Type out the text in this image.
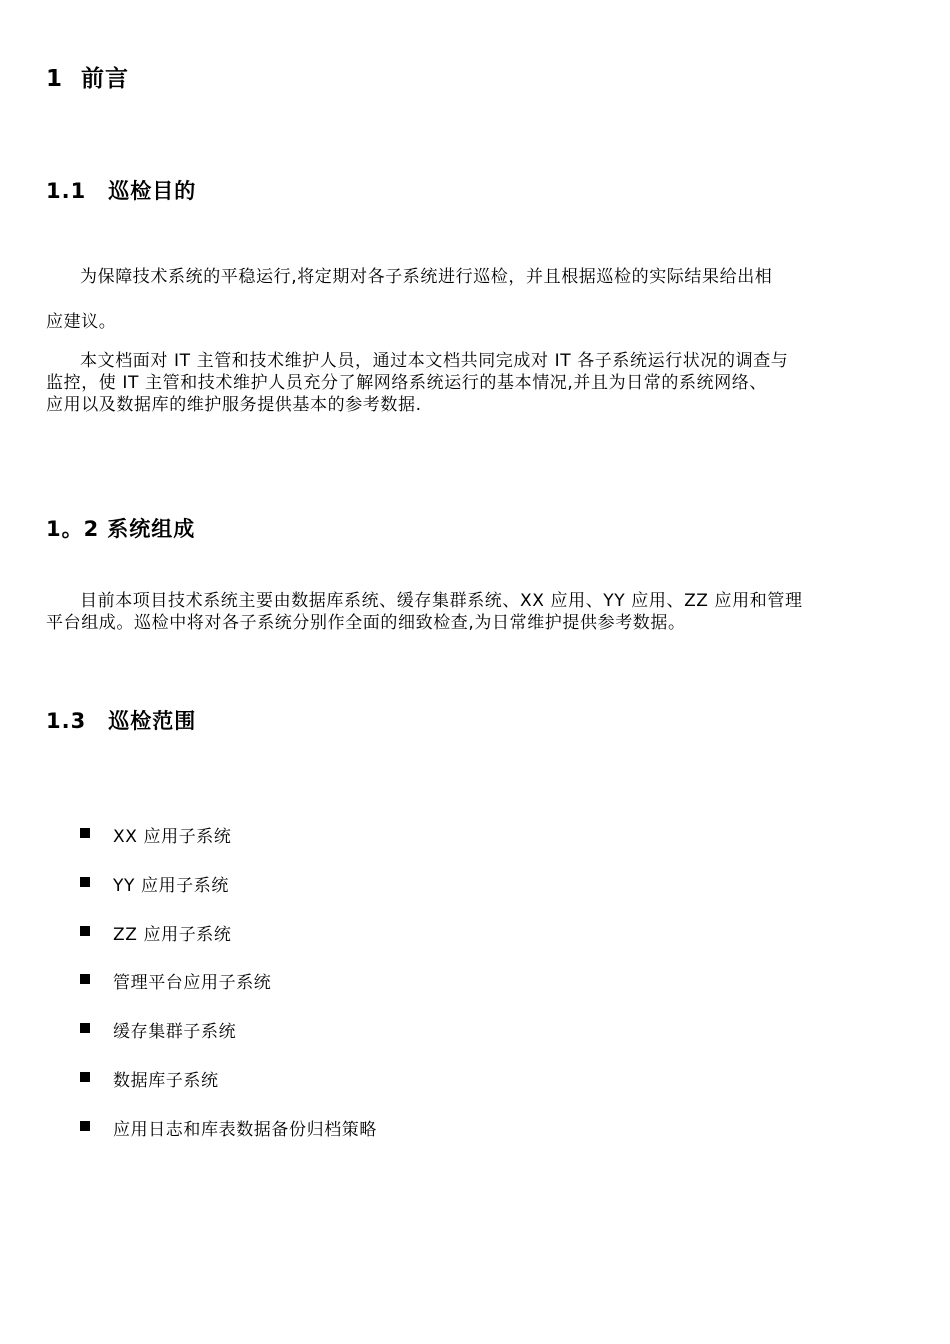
1 前言
1.1 巡检目的

为保障技术系统的平稳运行,将定期对各子系统进行巡检，并且根据巡检的实际结果给出相
应建议。

本文档面对 IT 主管和技术维护人员，通过本文档共同完成对 IT 各子系统运行状况的调查与
监控，使 IT 主管和技术维护人员充分了解网络系统运行的基本情况,并且为日常的系统网络、
应用以及数据库的维护服务提供基本的参考数据.

1。2 系统组成

目前本项目技术系统主要由数据库系统、缓存集群系统、XX 应用、YY 应用、ZZ 应用和管理
平台组成。巡检中将对各子系统分别作全面的细致检查,为日常维护提供参考数据。

1.3 巡检范围
XX 应用子系统
YY 应用子系统
ZZ 应用子系统
管理平台应用子系统
缓存集群子系统
数据库子系统
应用日志和库表数据备份归档策略
